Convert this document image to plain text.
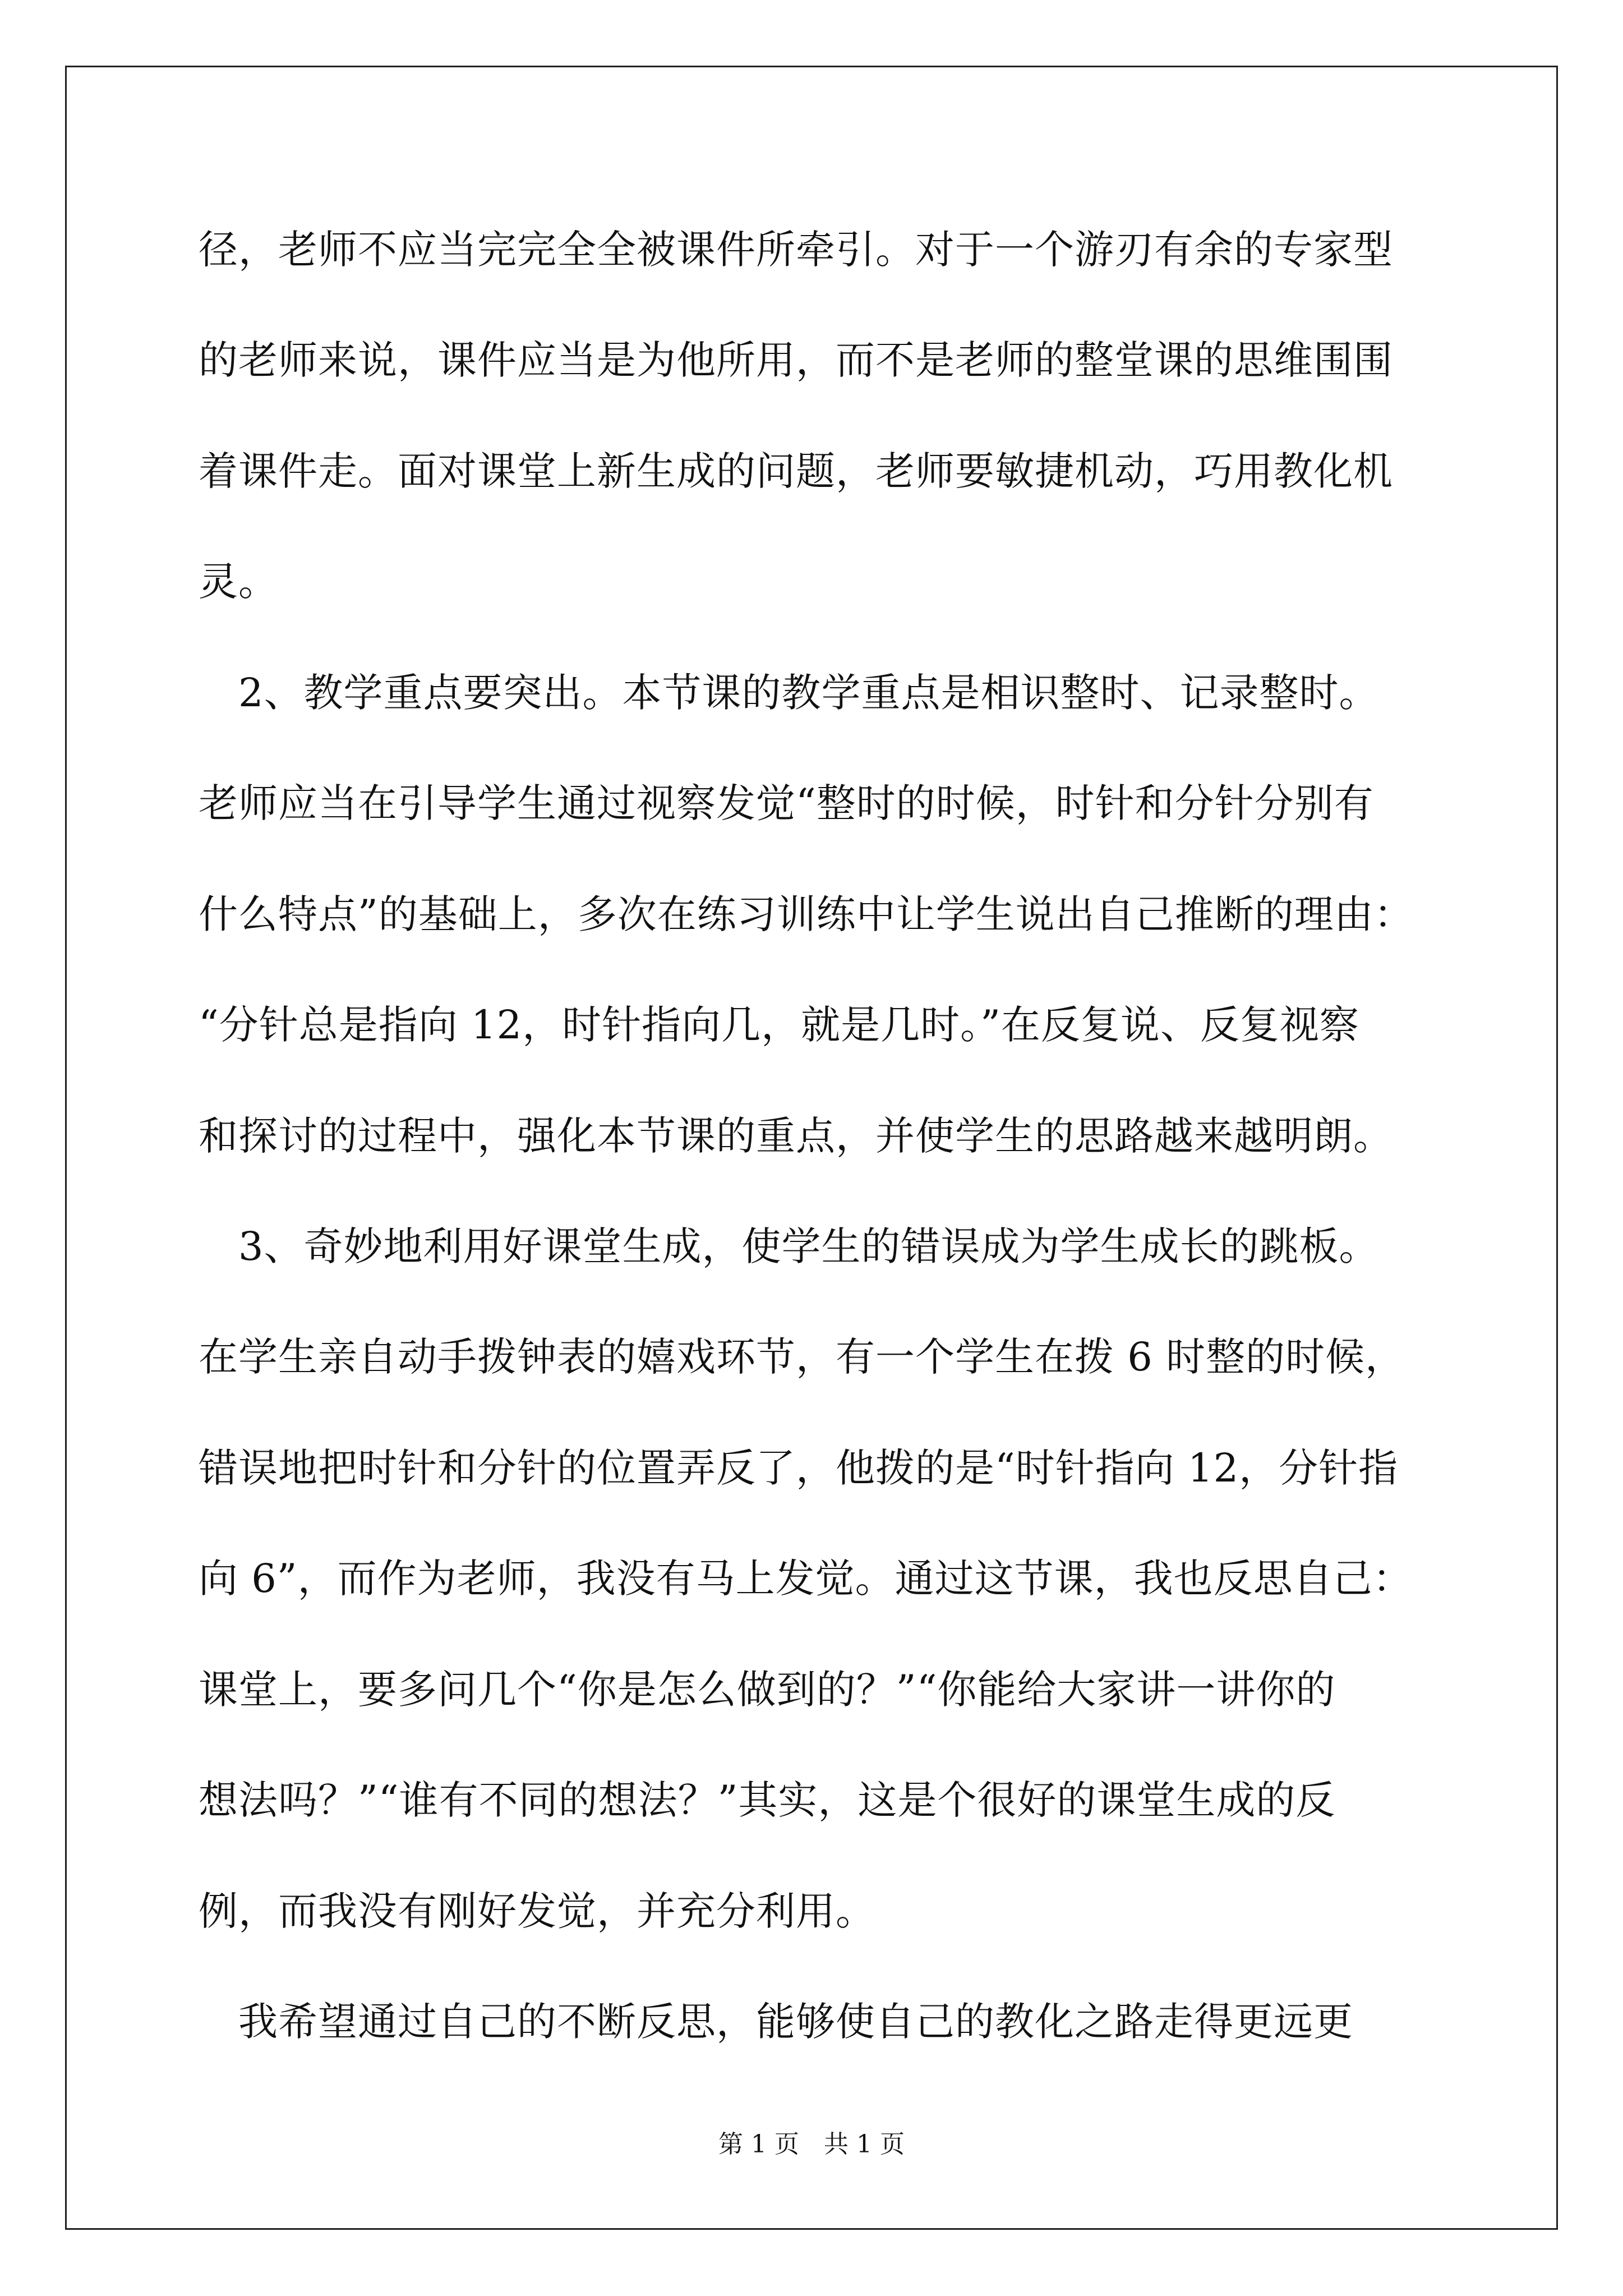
径，老师不应当完完全全被课件所牵引。对于一个游刃有余的专家型
的老师来说，课件应当是为他所用，而不是老师的整堂课的思维围围
着课件走。面对课堂上新生成的问题，老师要敏捷机动，巧用教化机
灵。
　2、教学重点要突出。本节课的教学重点是相识整时、记录整时。
老师应当在引导学生通过视察发觉“整时的时候，时针和分针分别有
什么特点”的基础上，多次在练习训练中让学生说出自己推断的理由：
“分针总是指向 12，时针指向几，就是几时。”在反复说、反复视察
和探讨的过程中，强化本节课的重点，并使学生的思路越来越明朗。
　3、奇妙地利用好课堂生成，使学生的错误成为学生成长的跳板。
在学生亲自动手拨钟表的嬉戏环节，有一个学生在拨 6 时整的时候，
错误地把时针和分针的位置弄反了，他拨的是“时针指向 12，分针指
向 6”，而作为老师，我没有马上发觉。通过这节课，我也反思自己：
课堂上，要多问几个“你是怎么做到的？”“你能给大家讲一讲你的
想法吗？”“谁有不同的想法？”其实，这是个很好的课堂生成的反
例，而我没有刚好发觉，并充分利用。
　我希望通过自己的不断反思，能够使自己的教化之路走得更远更
第 1 页　共 1 页
